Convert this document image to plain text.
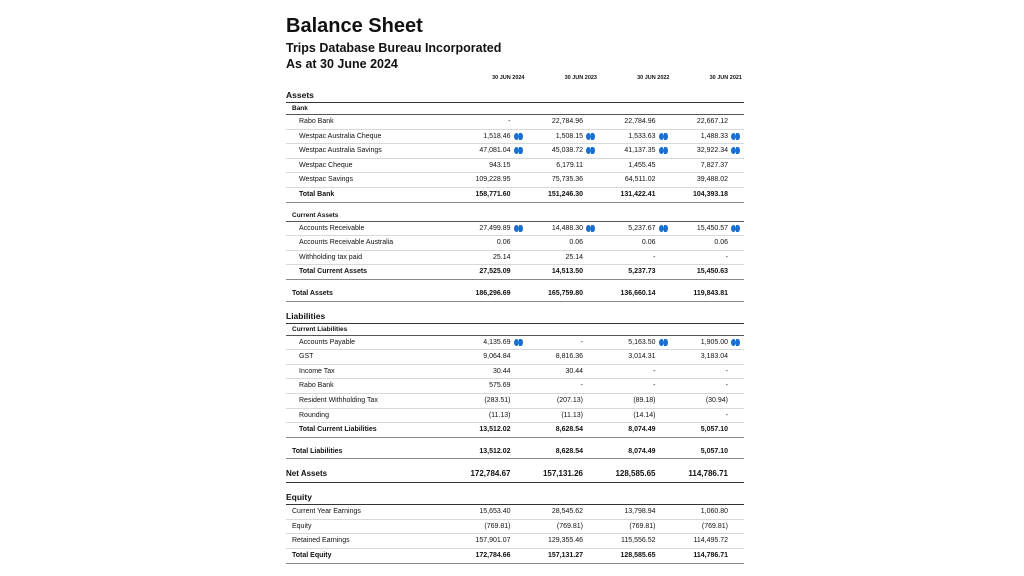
Balance Sheet
Trips Database Bureau Incorporated
As at 30 June 2024
	30 JUN 2024	30 JUN 2023	30 JUN 2022	30 JUN 2021

Assets				
Bank				
Rabo Bank	-	22,784.96	22,784.96	22,667.12
Westpac Australia Cheque	1,518.46	1,508.15	1,533.63	1,488.33

Westpac Australia Savings	47,081.04	45,038.72	41,137.35	32,922.34

Westpac Cheque	943.15	6,179.11	1,455.45	7,827.37
Westpac Savings	109,228.95	75,735.36	64,511.02	39,488.02
Total Bank	158,771.60	151,246.30	131,422.41	104,393.18

Current Assets				
Accounts Receivable	27,499.89	14,488.30	5,237.67	15,450.57

Accounts Receivable Australia	0.06	0.06	0.06	0.06
Withholding tax paid	25.14	25.14	-	-
Total Current Assets	27,525.09	14,513.50	5,237.73	15,450.63

Total Assets	186,296.69	165,759.80	136,660.14	119,843.81

Liabilities				
Current Liabilities				
Accounts Payable	4,135.69	-	5,163.50	1,905.00

GST	9,064.84	8,816.36	3,014.31	3,183.04
Income Tax	30.44	30.44	-	-
Rabo Bank	575.69	-	-	-
Resident Withholding Tax	(283.51)	(207.13)	(89.18)	(30.94)
Rounding	(11.13)	(11.13)	(14.14)	-
Total Current Liabilities	13,512.02	8,628.54	8,074.49	5,057.10

Total Liabilities	13,512.02	8,628.54	8,074.49	5,057.10

Net Assets	172,784.67	157,131.26	128,585.65	114,786.71

Equity				
Current Year Earnings	15,653.40	28,545.62	13,798.94	1,060.80
Equity	(769.81)	(769.81)	(769.81)	(769.81)
Retained Earnings	157,901.07	129,355.46	115,556.52	114,495.72
Total Equity	172,784.66	157,131.27	128,585.65	114,786.71
